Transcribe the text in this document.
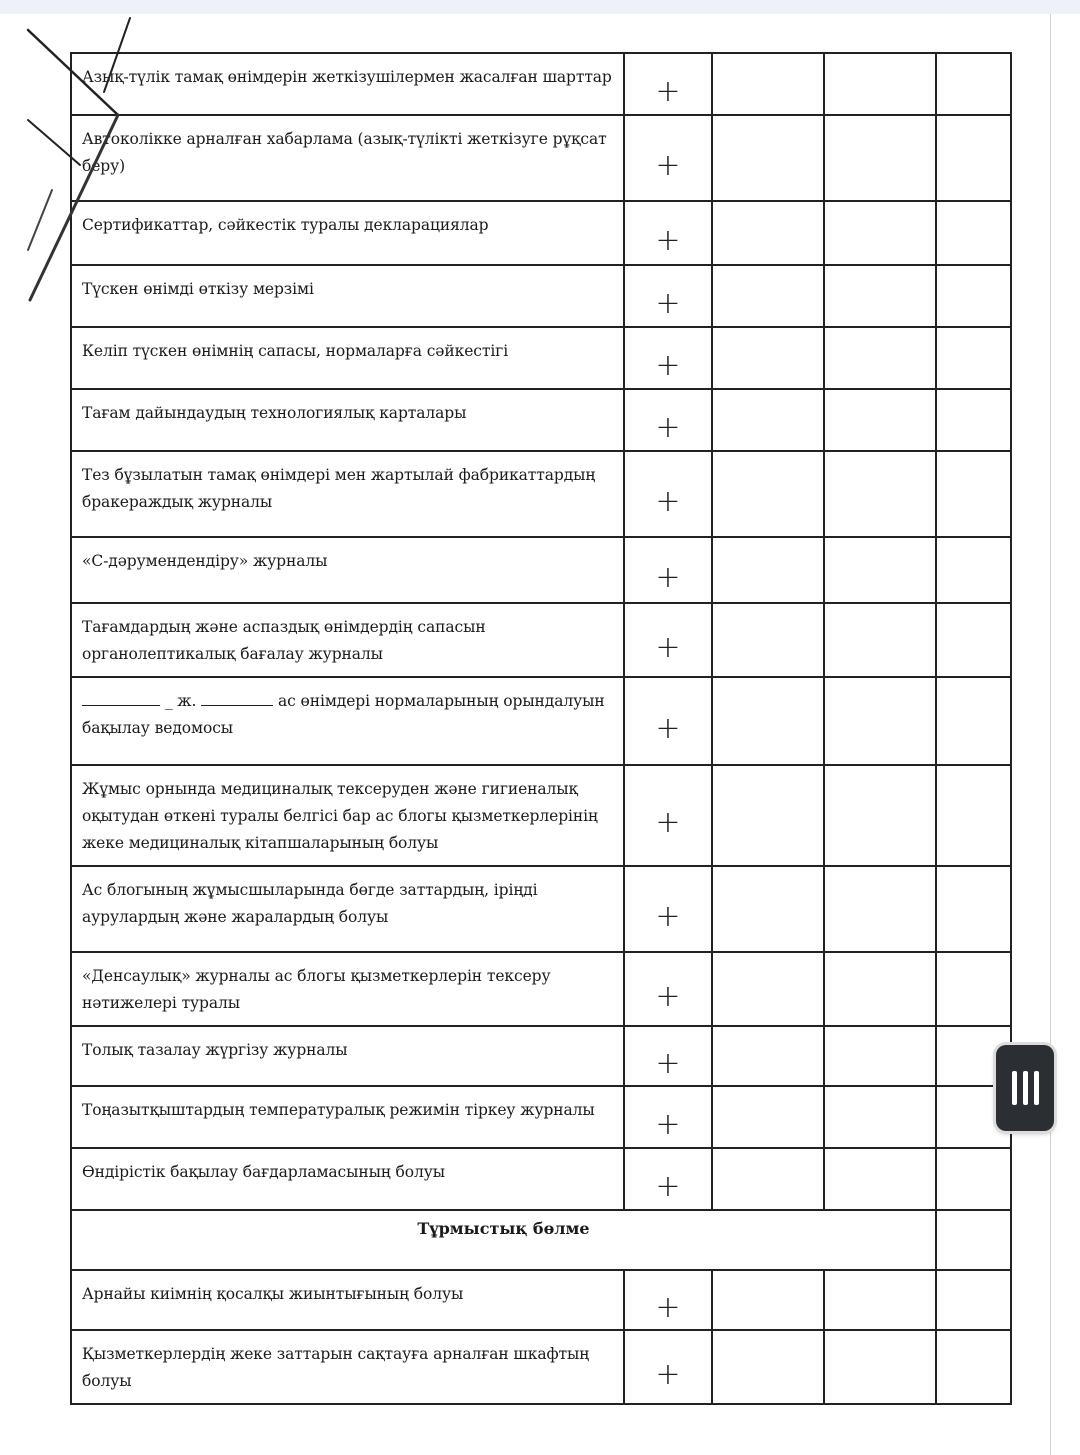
Азық-түлік тамақ өнімдерін жеткізушілермен жасалған шарттар	+			
Автоколікке арналған хабарлама (азық-түлікті жеткізуге рұқсат беру)	+			
Сертификаттар, сәйкестік туралы декларациялар	+			
Түскен өнімді өткізу мерзімі	+			
Келіп түскен өнімнің сапасы, нормаларға сәйкестігі	+			
Тағам дайындаудың технологиялық карталары	+			
Тез бұзылатын тамақ өнімдері мен жартылай фабрикаттардың бракераждық журналы	+			
«С-дәрумендендіру» журналы	+			
Тағамдардың және аспаздық өнімдердің сапасын органолептикалық бағалау журналы	+			
_ ж. ас өнімдері нормаларының орындалуын бақылау ведомосы	+			
Жұмыс орнында медициналық тексеруден және гигиеналық оқытудан өткені туралы белгісі бар ас блогы қызметкерлерінің жеке медициналық кітапшаларының болуы	+			
Ас блогының жұмысшыларында бөгде заттардың, іріңді аурулардың және жаралардың болуы	+			
«Денсаулық» журналы ас блогы қызметкерлерін тексеру нәтижелері туралы	+			
Толық тазалау жүргізу журналы	+			
Тоңазытқыштардың температуралық режимін тіркеу журналы	+			
Өндірістік бақылау бағдарламасының болуы	+			
Тұрмыстық бөлме				
Арнайы киімнің қосалқы жиынтығының болуы	+			
Қызметкерлердің жеке заттарын сақтауға арналған шкафтың болуы	+			
